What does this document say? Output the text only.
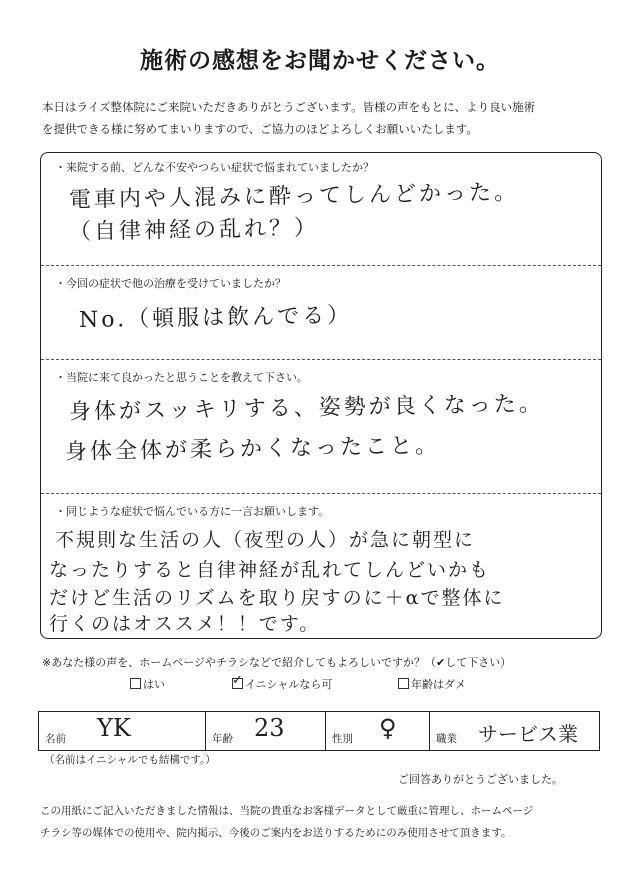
施術の感想をお聞かせください。
本日はライズ整体院にご来院いただきありがとうございます。皆様の声をもとに、より良い施術
を提供できる様に努めてまいりますので、ご協力のほどよろしくお願いいたします。
・来院する前、どんな不安やつらい症状で悩まれていましたか？
電車内や人混みに酔ってしんどかった。
（自律神経の乱れ？）
・今回の症状で他の治療を受けていましたか？
No.（頓服は飲んでる）
・当院に来て良かったと思うことを教えて下さい。
身体がスッキリする、姿勢が良くなった。
身体全体が柔らかくなったこと。
・同じような症状で悩んでいる方に一言お願いします。
不規則な生活の人（夜型の人）が急に朝型に
なったりすると自律神経が乱れてしんどいかも
だけど生活のリズムを取り戻すのに＋αで整体に
行くのはオススメ！！です。
※あなた様の声を、ホームページやチラシなどで紹介してもよろしいですか？（✔して下さい）
はい	✓ イニシャルなら可	年齢はダメ
名前 YK	年齢 23	性別 ♀	職業 サービス業
（名前はイニシャルでも結構です。）
ご回答ありがとうございました。
この用紙にご記入いただきました情報は、当院の貴重なお客様データとして厳重に管理し、ホームページ
チラシ等の媒体での使用や、院内掲示、今後のご案内をお送りするためにのみ使用させて頂きます。
